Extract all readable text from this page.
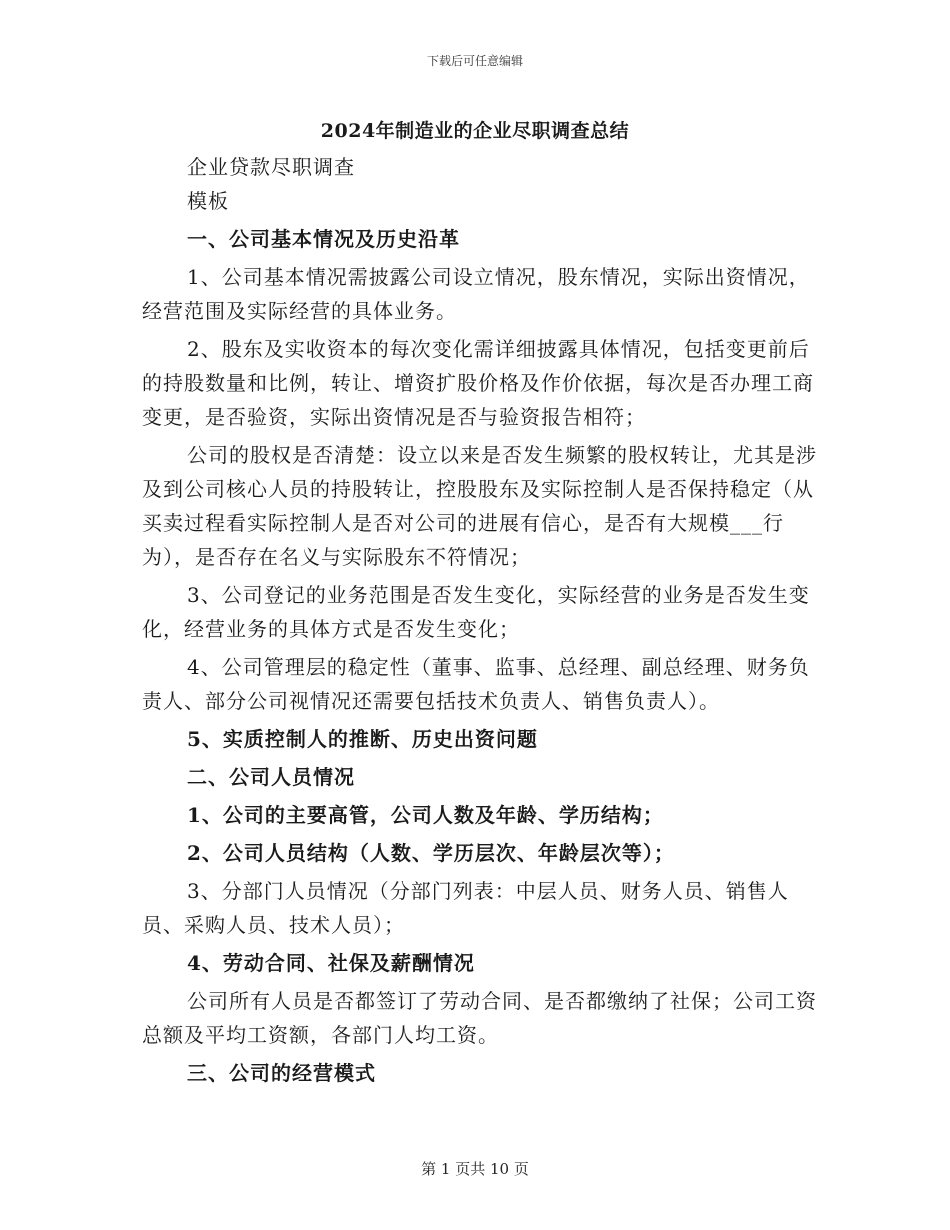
下载后可任意编辑
2024年制造业的企业尽职调查总结

企业贷款尽职调查

模板

一、公司基本情况及历史沿革

1、公司基本情况需披露公司设立情况，股东情况，实际出资情况，经营范围及实际经营的具体业务。

2、股东及实收资本的每次变化需详细披露具体情况，包括变更前后的持股数量和比例，转让、增资扩股价格及作价依据，每次是否办理工商变更，是否验资，实际出资情况是否与验资报告相符；

公司的股权是否清楚：设立以来是否发生频繁的股权转让，尤其是涉及到公司核心人员的持股转让，控股股东及实际控制人是否保持稳定（从买卖过程看实际控制人是否对公司的进展有信心，是否有大规模___行为），是否存在名义与实际股东不符情况；

3、公司登记的业务范围是否发生变化，实际经营的业务是否发生变化，经营业务的具体方式是否发生变化；

4、公司管理层的稳定性（董事、监事、总经理、副总经理、财务负责人、部分公司视情况还需要包括技术负责人、销售负责人）。

5、实质控制人的推断、历史出资问题

二、公司人员情况

1、公司的主要高管，公司人数及年龄、学历结构；

2、公司人员结构（人数、学历层次、年龄层次等）；

3、分部门人员情况（分部门列表：中层人员、财务人员、销售人员、采购人员、技术人员）；

4、劳动合同、社保及薪酬情况

公司所有人员是否都签订了劳动合同、是否都缴纳了社保；公司工资总额及平均工资额，各部门人均工资。

三、公司的经营模式

第 1 页共 10 页
